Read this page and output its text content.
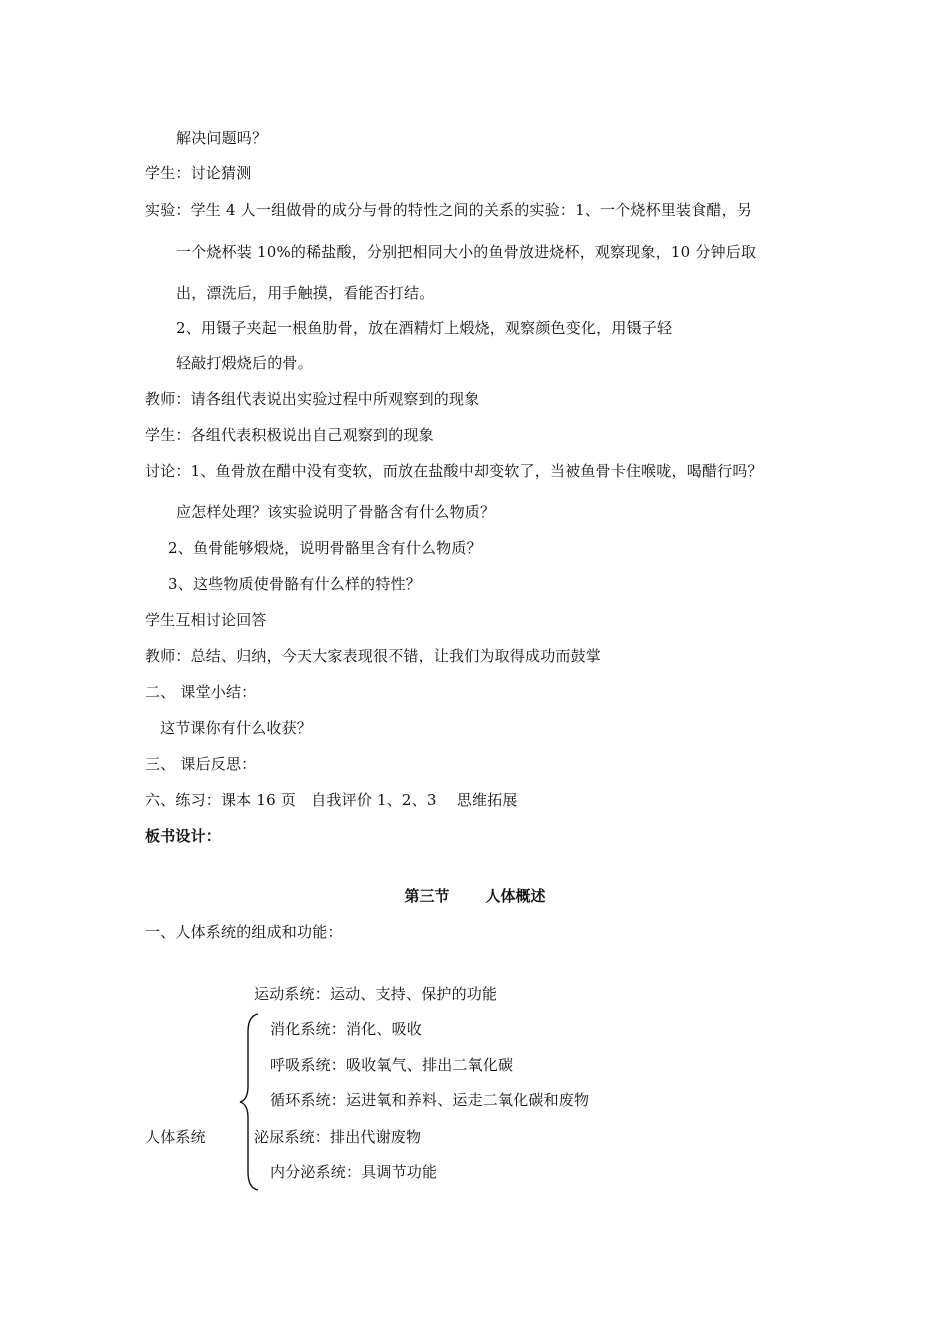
解决问题吗？
学生：讨论猜测
实验：学生 4 人一组做骨的成分与骨的特性之间的关系的实验：1、一个烧杯里装食醋，另
一个烧杯装 10%的稀盐酸，分别把相同大小的鱼骨放进烧杯，观察现象，10 分钟后取
出，漂洗后，用手触摸，看能否打结。
2、用镊子夹起一根鱼肋骨，放在酒精灯上煅烧，观察颜色变化，用镊子轻
轻敲打煅烧后的骨。
教师：请各组代表说出实验过程中所观察到的现象
学生：各组代表积极说出自己观察到的现象
讨论：1、鱼骨放在醋中没有变软，而放在盐酸中却变软了，当被鱼骨卡住喉咙，喝醋行吗？
应怎样处理？该实验说明了骨骼含有什么物质？
2、鱼骨能够煅烧，说明骨骼里含有什么物质？
3、这些物质使骨骼有什么样的特性？
学生互相讨论回答
教师：总结、归纳，今天大家表现很不错，让我们为取得成功而鼓掌
二、 课堂小结：
这节课你有什么收获？
三、 课后反思：
六、练习：课本 16 页　自我评价 1、2、3　 思维拓展
板书设计：
第三节 人体概述
一、人体系统的组成和功能：
运动系统：运动、支持、保护的功能
消化系统：消化、吸收
呼吸系统：吸收氧气、排出二氧化碳
循环系统：运进氧和养料、运走二氧化碳和废物
人体系统	泌尿系统：排出代谢废物
内分泌系统：具调节功能
